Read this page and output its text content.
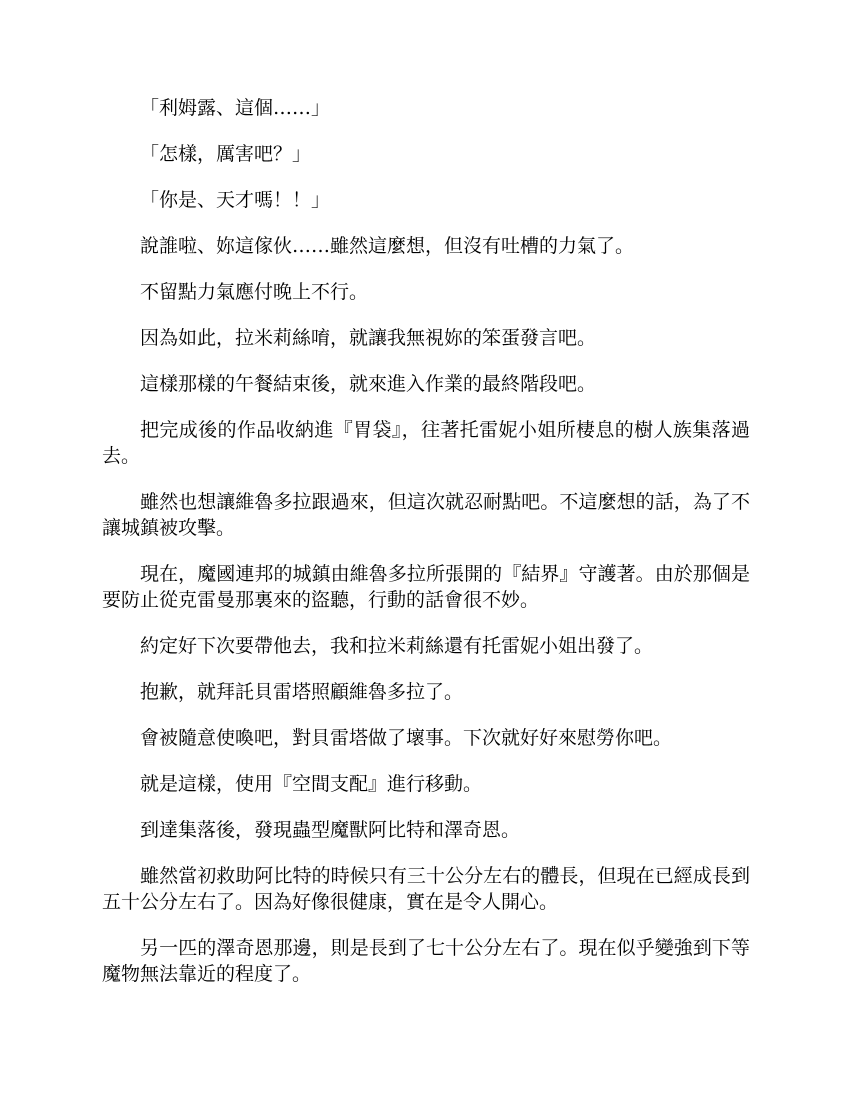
「利姆露、這個……」

「怎樣，厲害吧？」

「你是、天才嗎！！」

說誰啦、妳這傢伙……雖然這麼想，但沒有吐槽的力氣了。

不留點力氣應付晚上不行。

因為如此，拉米莉絲唷，就讓我無視妳的笨蛋發言吧。

這樣那樣的午餐結束後，就來進入作業的最終階段吧。

把完成後的作品收納進『胃袋』，往著托雷妮小姐所棲息的樹人族集落過去。

雖然也想讓維魯多拉跟過來，但這次就忍耐點吧。不這麼想的話，為了不讓城鎮被攻擊。

現在，魔國連邦的城鎮由維魯多拉所張開的『結界』守護著。由於那個是要防止從克雷曼那裏來的盜聽，行動的話會很不妙。

約定好下次要帶他去，我和拉米莉絲還有托雷妮小姐出發了。

抱歉，就拜託貝雷塔照顧維魯多拉了。

會被隨意使喚吧，對貝雷塔做了壞事。下次就好好來慰勞你吧。

就是這樣，使用『空間支配』進行移動。

到達集落後，發現蟲型魔獸阿比特和澤奇恩。

雖然當初救助阿比特的時候只有三十公分左右的體長，但現在已經成長到五十公分左右了。因為好像很健康，實在是令人開心。

另一匹的澤奇恩那邊，則是長到了七十公分左右了。現在似乎變強到下等魔物無法靠近的程度了。
